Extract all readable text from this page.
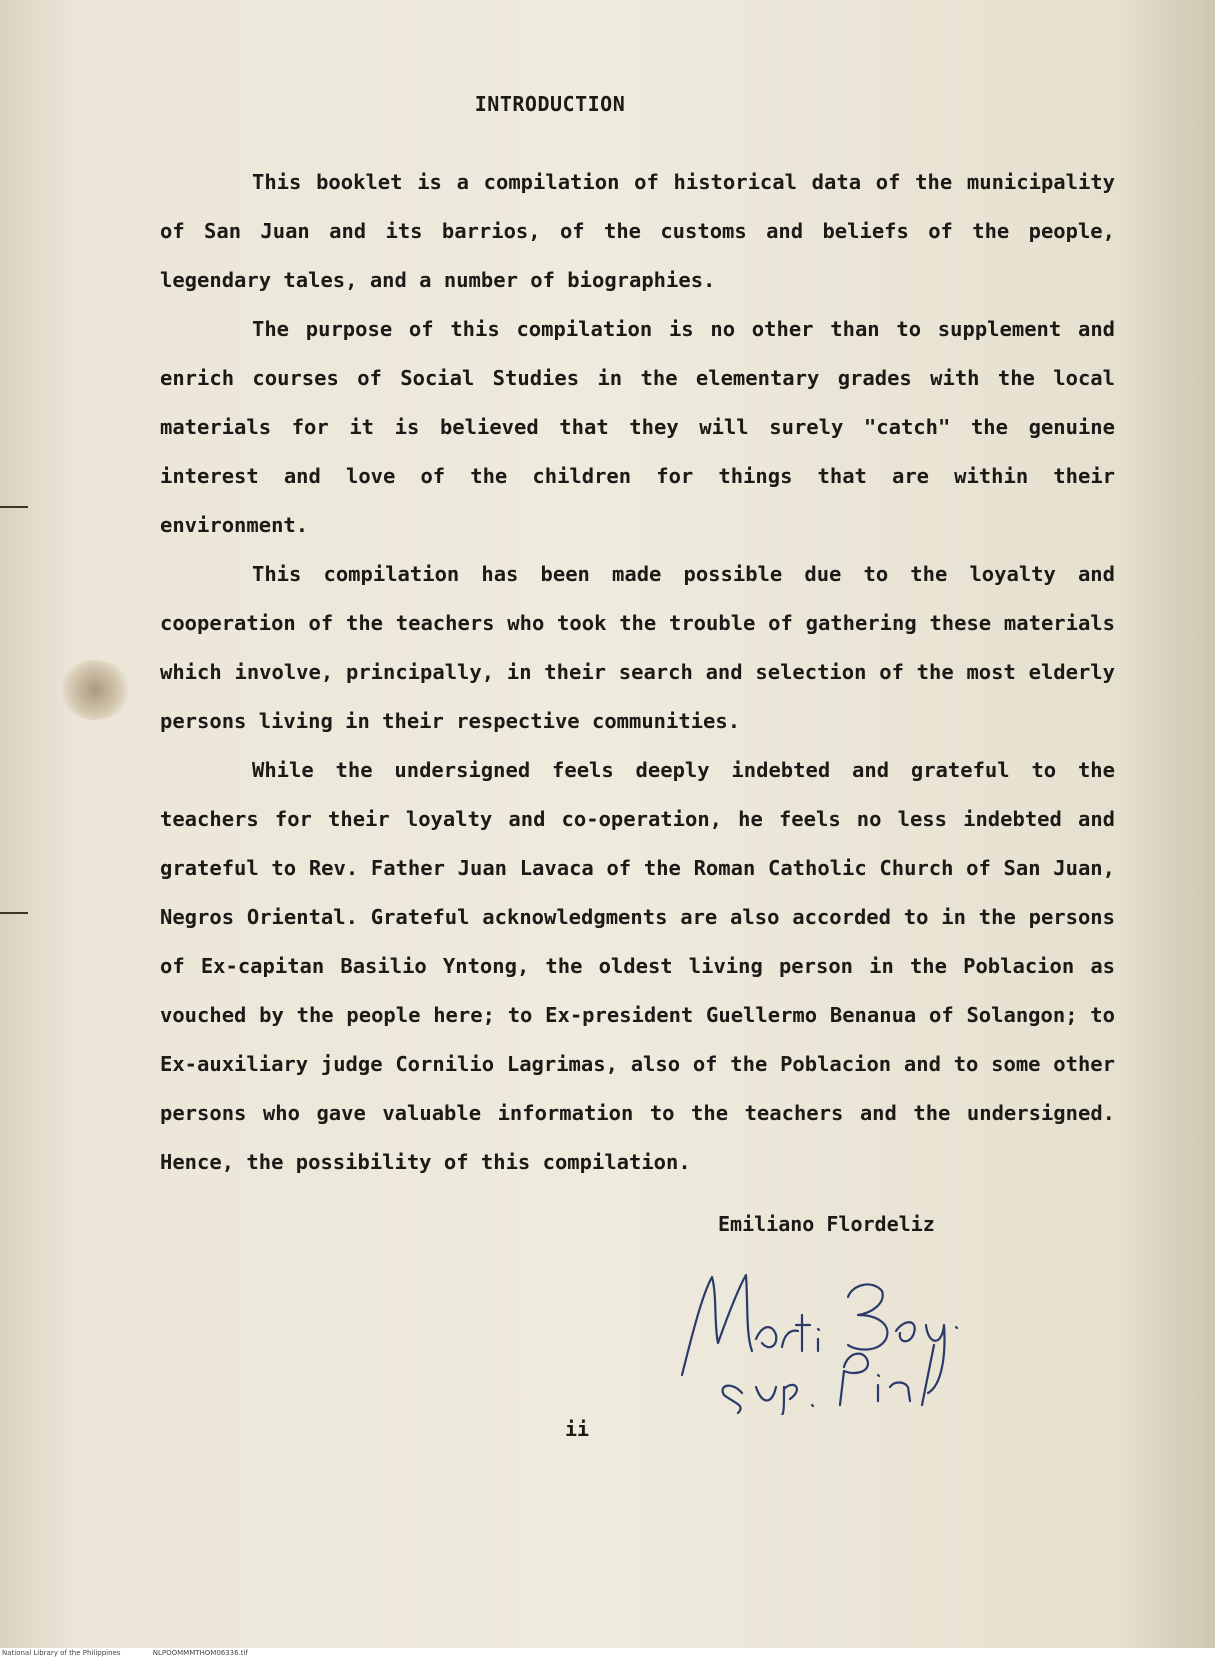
INTRODUCTION

This booklet is a compilation of historical data of the municipality of San Juan and its barrios, of the customs and beliefs of the people, legendary tales, and a number of biographies.

The purpose of this compilation is no other than to supplement and enrich courses of Social Studies in the elementary grades with the local materials for it is believed that they will surely "catch" the genuine interest and love of the children for things that are within their environment.

This compilation has been made possible due to the loyalty and cooperation of the teachers who took the trouble of gathering these materials which involve, principally, in their search and selection of the most elderly persons living in their respective communities.

While the undersigned feels deeply indebted and grateful to the teachers for their loyalty and co-operation, he feels no less indebted and grateful to Rev. Father Juan Lavaca of the Roman Catholic Church of San Juan, Negros Oriental. Grateful acknowledgments are also accorded to in the persons of Ex-capitan Basilio Yntong, the oldest living person in the Poblacion as vouched by the people here; to Ex-president Guellermo Benanua of Solangon; to Ex-auxiliary judge Cornilio Lagrimas, also of the Poblacion and to some other persons who gave valuable information to the teachers and the undersigned. Hence, the possibility of this compilation.

Emiliano Flordeliz
ii
National Library of the Philippines	NLPOOMMMTHOM06336.tif
